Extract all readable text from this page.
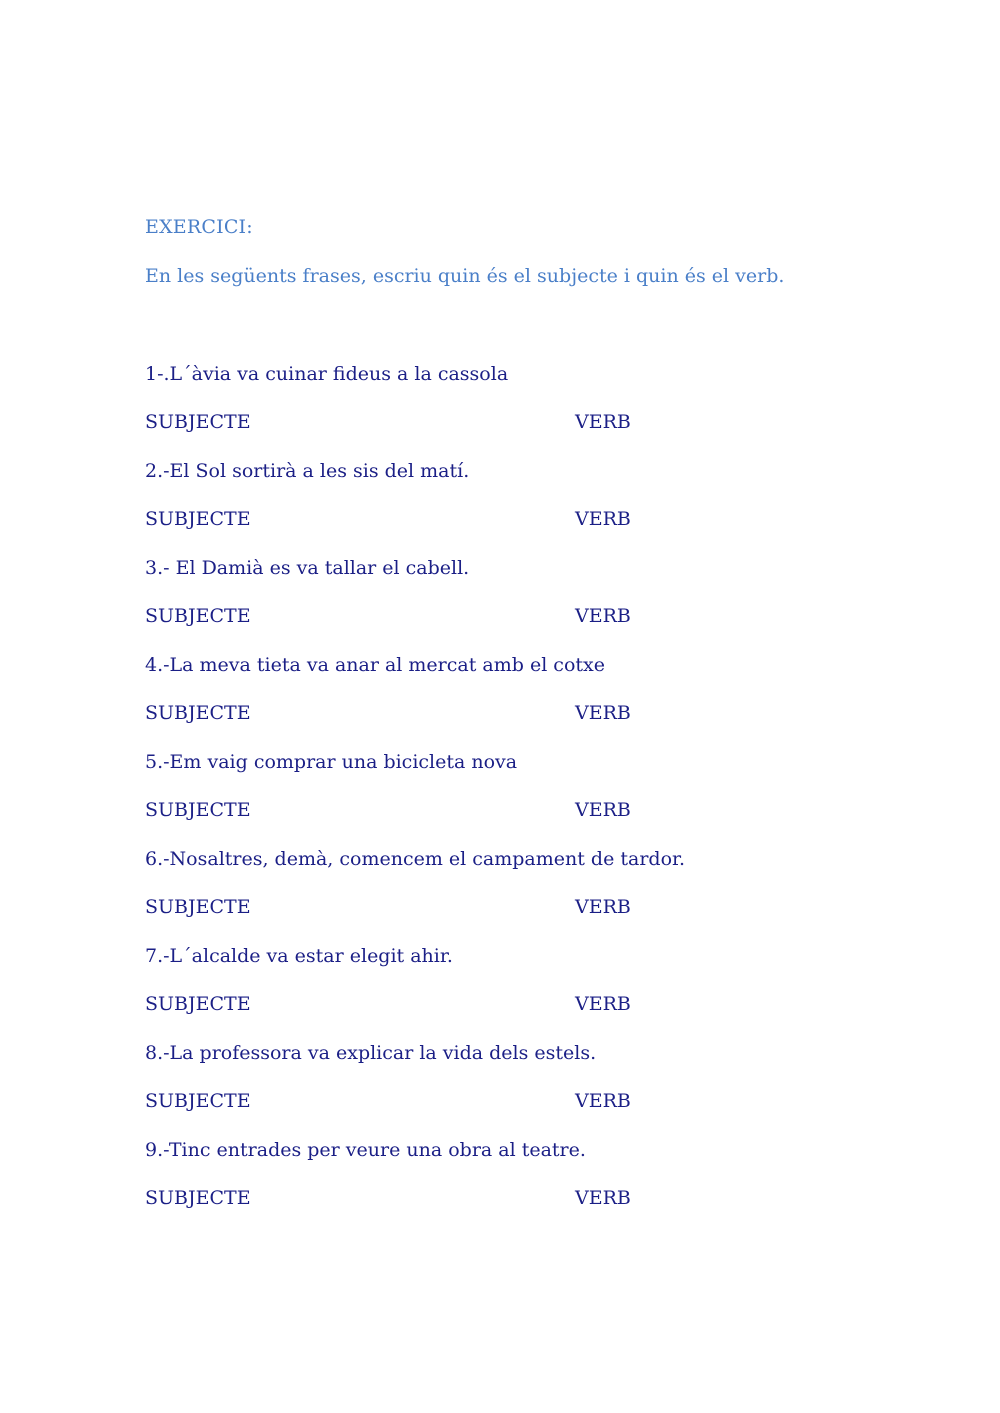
EXERCICI:
En les següents frases, escriu quin és el subjecte i quin és el verb.
1-.L´àvia va cuinar fideus a la cassola
SUBJECTE	VERB
2.-El Sol sortirà a les sis del matí.
SUBJECTE	VERB
3.- El Damià es va tallar el cabell.
SUBJECTE	VERB
4.-La meva tieta va anar al mercat amb el cotxe
SUBJECTE	VERB
5.-Em vaig comprar una bicicleta nova
SUBJECTE	VERB
6.-Nosaltres, demà, comencem el campament de tardor.
SUBJECTE	VERB
7.-L´alcalde va estar elegit ahir.
SUBJECTE	VERB
8.-La professora va explicar la vida dels estels.
SUBJECTE	VERB
9.-Tinc entrades per veure una obra al teatre.
SUBJECTE	VERB
